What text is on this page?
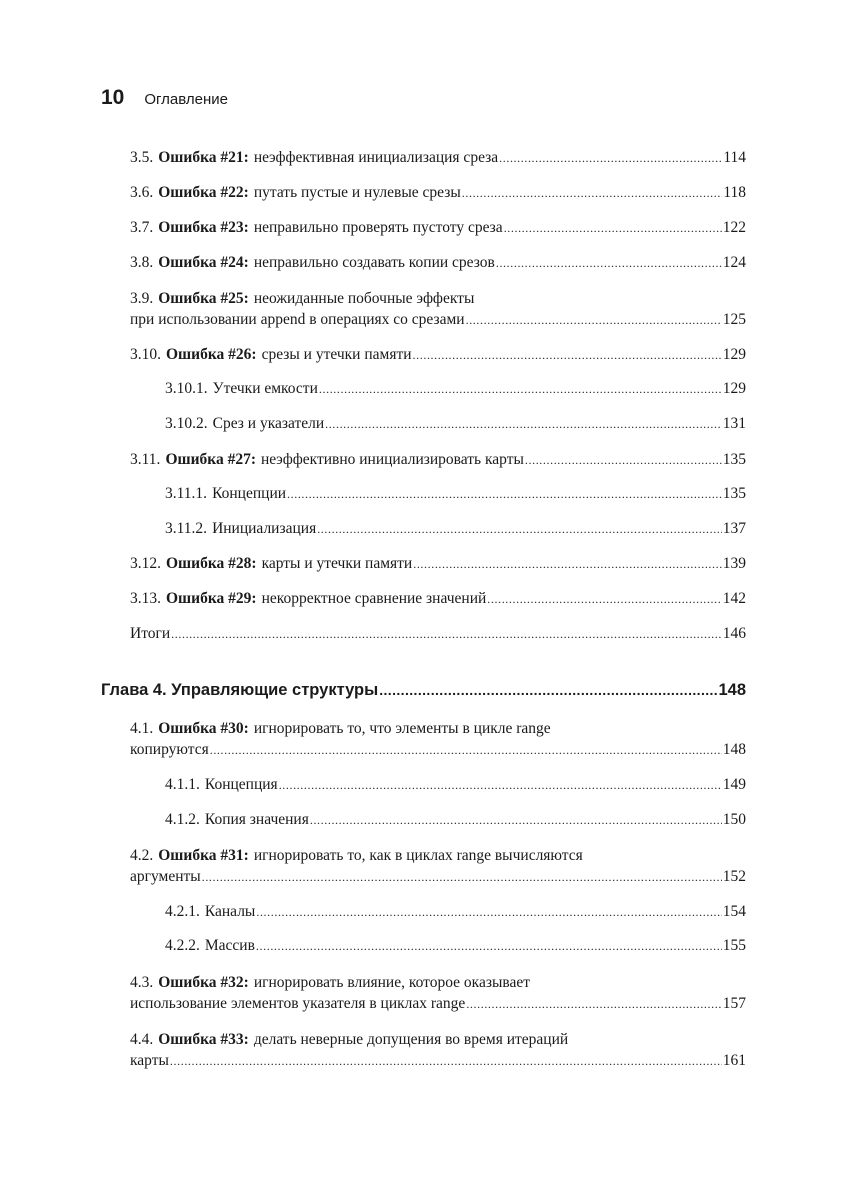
10 Оглавление
3.5. Ошибка #21: неэффективная инициализация среза .....	114
3.6. Ошибка #22: путать пустые и нулевые срезы .....	118
3.7. Ошибка #23: неправильно проверять пустоту среза .....	122
3.8. Ошибка #24: неправильно создавать копии срезов .....	124
3.9. Ошибка #25: неожиданные побочные эффекты
при использовании append в операциях со срезами .....	125
3.10. Ошибка #26: срезы и утечки памяти .....	129
3.10.1. Утечки емкости .....	129
3.10.2. Срез и указатели .....	131
3.11. Ошибка #27: неэффективно инициализировать карты .....	135
3.11.1. Концепции .....	135
3.11.2. Инициализация .....	137
3.12. Ошибка #28: карты и утечки памяти .....	139
3.13. Ошибка #29: некорректное сравнение значений .....	142
Итоги .....	146
Глава 4. Управляющие структуры .....	148
4.1. Ошибка #30: игнорировать то, что элементы в цикле range
копируются .....	148
4.1.1. Концепция .....	149
4.1.2. Копия значения .....	150
4.2. Ошибка #31: игнорировать то, как в циклах range вычисляются
аргументы .....	152
4.2.1. Каналы .....	154
4.2.2. Массив .....	155
4.3. Ошибка #32: игнорировать влияние, которое оказывает
использование элементов указателя в циклах range .....	157
4.4. Ошибка #33: делать неверные допущения во время итераций
карты .....	161
